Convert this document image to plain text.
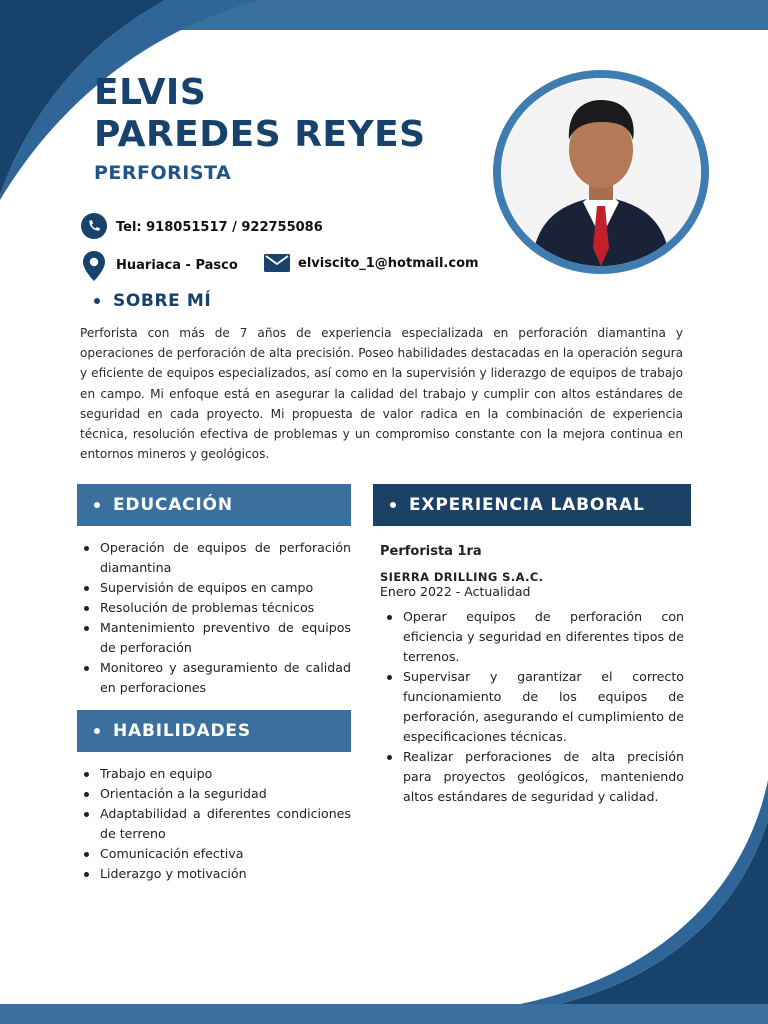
ELVIS
PAREDES REYES
PERFORISTA
Tel: 918051517 / 922755086
Huariaca - Pasco	elviscito_1@hotmail.com
SOBRE MÍ

Perforista con más de 7 años de experiencia especializada en perforación diamantina y operaciones de perforación de alta precisión. Poseo habilidades destacadas en la operación segura y eficiente de equipos especializados, así como en la supervisión y liderazgo de equipos de trabajo en campo. Mi enfoque está en asegurar la calidad del trabajo y cumplir con altos estándares de seguridad en cada proyecto. Mi propuesta de valor radica en la combinación de experiencia técnica, resolución efectiva de problemas y un compromiso constante con la mejora continua en entornos mineros y geológicos.

EDUCACIÓN
Operación de equipos de perforación diamantina
Supervisión de equipos en campo
Resolución de problemas técnicos
Mantenimiento preventivo de equipos de perforación
Monitoreo y aseguramiento de calidad en perforaciones
HABILIDADES
Trabajo en equipo
Orientación a la seguridad
Adaptabilidad a diferentes condiciones de terreno
Comunicación efectiva
Liderazgo y motivación
EXPERIENCIA LABORAL
Perforista 1ra
SIERRA DRILLING S.A.C.
Enero 2022 - Actualidad
Operar equipos de perforación con eficiencia y seguridad en diferentes tipos de terrenos.
Supervisar y garantizar el correcto funcionamiento de los equipos de perforación, asegurando el cumplimiento de especificaciones técnicas.
Realizar perforaciones de alta precisión para proyectos geológicos, manteniendo altos estándares de seguridad y calidad.
